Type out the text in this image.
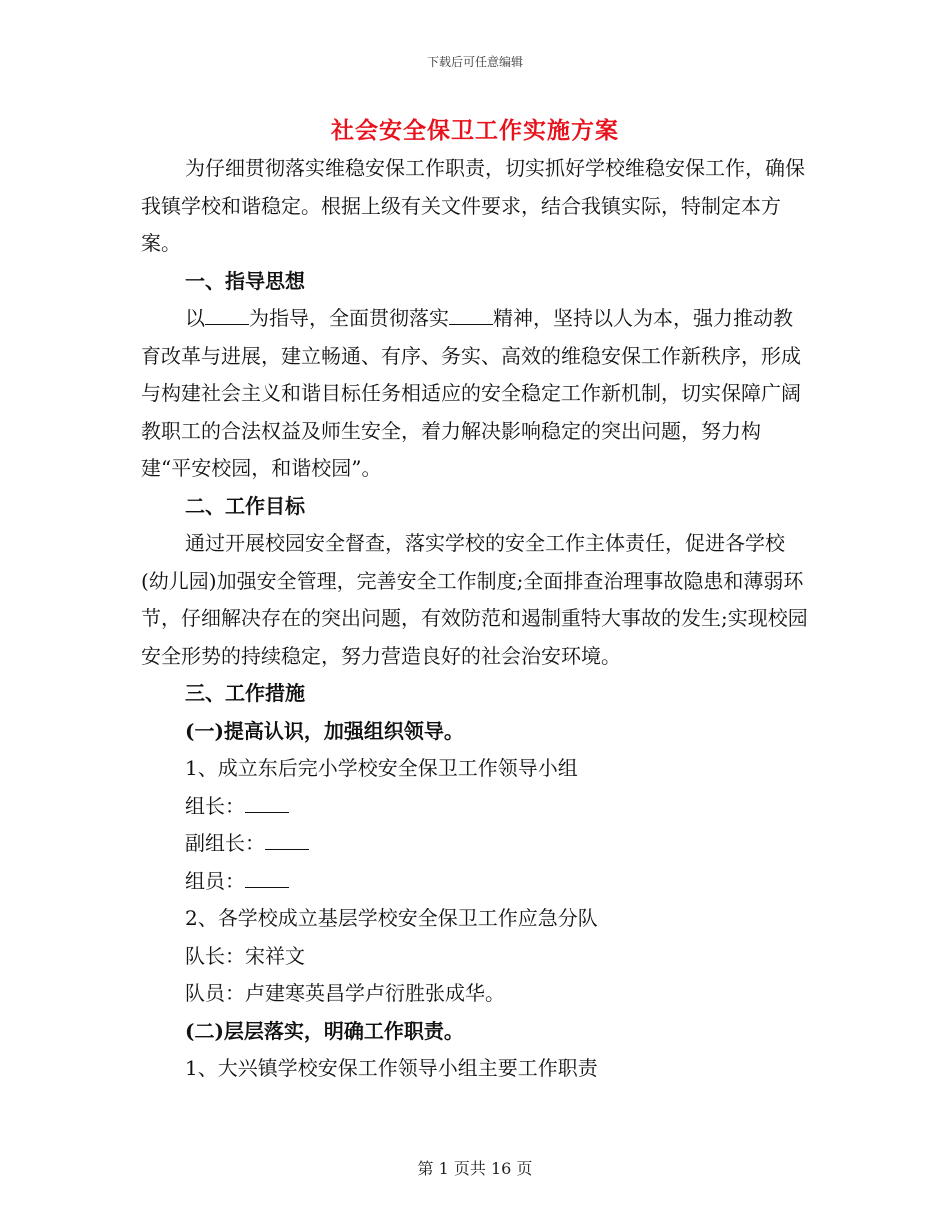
下载后可任意编辑
社会安全保卫工作实施方案

为仔细贯彻落实维稳安保工作职责，切实抓好学校维稳安保工作，确保我镇学校和谐稳定。根据上级有关文件要求，结合我镇实际，特制定本方案。

一、指导思想

以 为指导，全面贯彻落实 精神，坚持以人为本，强力推动教育改革与进展，建立畅通、有序、务实、高效的维稳安保工作新秩序，形成与构建社会主义和谐目标任务相适应的安全稳定工作新机制，切实保障广阔教职工的合法权益及师生安全，着力解决影响稳定的突出问题，努力构建“平安校园，和谐校园”。

二、工作目标

通过开展校园安全督查，落实学校的安全工作主体责任，促进各学校(幼儿园)加强安全管理，完善安全工作制度;全面排查治理事故隐患和薄弱环节，仔细解决存在的突出问题，有效防范和遏制重特大事故的发生;实现校园安全形势的持续稳定，努力营造良好的社会治安环境。

三、工作措施

(一)提高认识，加强组织领导。

1、成立东后完小学校安全保卫工作领导小组

组长：

副组长：

组员：

2、各学校成立基层学校安全保卫工作应急分队

队长：宋祥文

队员：卢建寒英昌学卢衍胜张成华。

(二)层层落实，明确工作职责。

1、大兴镇学校安保工作领导小组主要工作职责

第 1 页共 16 页
